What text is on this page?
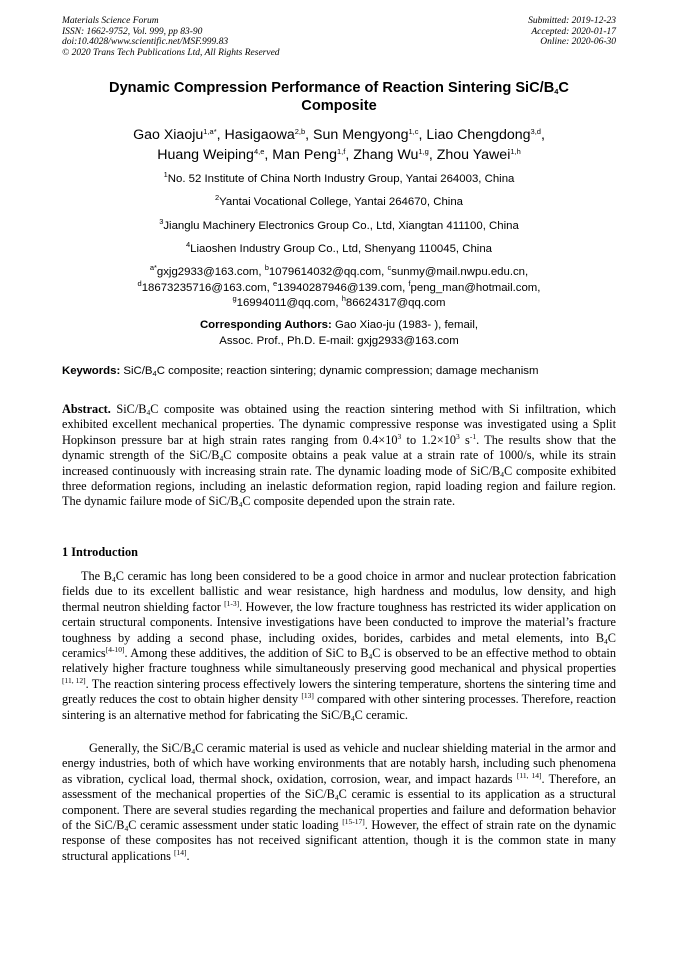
Materials Science Forum
ISSN: 1662-9752, Vol. 999, pp 83-90
doi:10.4028/www.scientific.net/MSF.999.83
© 2020 Trans Tech Publications Ltd, All Rights Reserved
Submitted: 2019-12-23
Accepted: 2020-01-17
Online: 2020-06-30
Dynamic Compression Performance of Reaction Sintering SiC/$B_4C$
Composite
Gao Xiaoju$^{1,a*}$, Hasigaowa$^{2,b}$, Sun Mengyong$^{1,c}$, Liao Chengdong$^{3,d}$,
Huang Weiping$^{4,e}$, Man Peng$^{1,f}$, Zhang Wu$^{1,g}$, Zhou Yawei$^{1,h}$
$^1$No. 52 Institute of China North Industry Group, Yantai 264003, China
$^2$Yantai Vocational College, Yantai 264670, China
$^3$Jianglu Machinery Electronics Group Co., Ltd, Xiangtan 411100, China
$^4$Liaoshen Industry Group Co., Ltd, Shenyang 110045, China
$^{a*}$gxjg2933@163.com, $^b$1079614032@qq.com, $^c$sunmy@mail.nwpu.edu.cn,
$^d$18673235716@163.com, $^e$13940287946@139.com, $^f$peng_man@hotmail.com,
$^g$16994011@qq.com, $^h$86624317@qq.com
Corresponding Authors: Gao Xiao-ju (1983- ), femail,
Assoc. Prof., Ph.D. E-mail: gxjg2933@163.com
Keywords: SiC/$B_4C$ composite; reaction sintering; dynamic compression; damage mechanism
Abstract. SiC/$B_4C$ composite was obtained using the reaction sintering method with Si infiltration, which exhibited excellent mechanical properties. The dynamic compressive response was investigated using a Split Hopkinson pressure bar at high strain rates ranging from $0.4\times 10^3$ to $1.2\times 10^3$ $s^{-1}$. The results show that the dynamic strength of the SiC/$B_4C$ composite obtains a peak value at a strain rate of 1000/s, while its strain increased continuously with increasing strain rate. The dynamic loading mode of SiC/$B_4C$ composite exhibited three deformation regions, including an inelastic deformation region, rapid loading region and failure region. The dynamic failure mode of SiC/$B_4C$ composite depended upon the strain rate.
1 Introduction
The $B_4C$ ceramic has long been considered to be a good choice in armor and nuclear protection fabrication fields due to its excellent ballistic and wear resistance, high hardness and modulus, low density, and high thermal neutron shielding factor [1-3]. However, the low fracture toughness has restricted its wider application on certain structural components. Intensive investigations have been conducted to improve the material’s fracture toughness by adding a second phase, including oxides, borides, carbides and metal elements, into $B_4C$ ceramics[4-10]. Among these additives, the addition of SiC to $B_4C$ is observed to be an effective method to obtain relatively higher fracture toughness while simultaneously preserving good mechanical and physical properties [11, 12]. The reaction sintering process effectively lowers the sintering temperature, shortens the sintering time and greatly reduces the cost to obtain higher density [13] compared with other sintering processes. Therefore, reaction sintering is an alternative method for fabricating the SiC/$B_4C$ ceramic.
Generally, the SiC/$B_4C$ ceramic material is used as vehicle and nuclear shielding material in the armor and energy industries, both of which have working environments that are notably harsh, including such phenomena as vibration, cyclical load, thermal shock, oxidation, corrosion, wear, and impact hazards [11, 14]. Therefore, an assessment of the mechanical properties of the SiC/$B_4C$ ceramic is essential to its application as a structural component. There are several studies regarding the mechanical properties and failure and deformation behavior of the SiC/$B_4C$ ceramic assessment under static loading [15-17]. However, the effect of strain rate on the dynamic response of these composites has not received significant attention, though it is the common state in many structural applications [14].
